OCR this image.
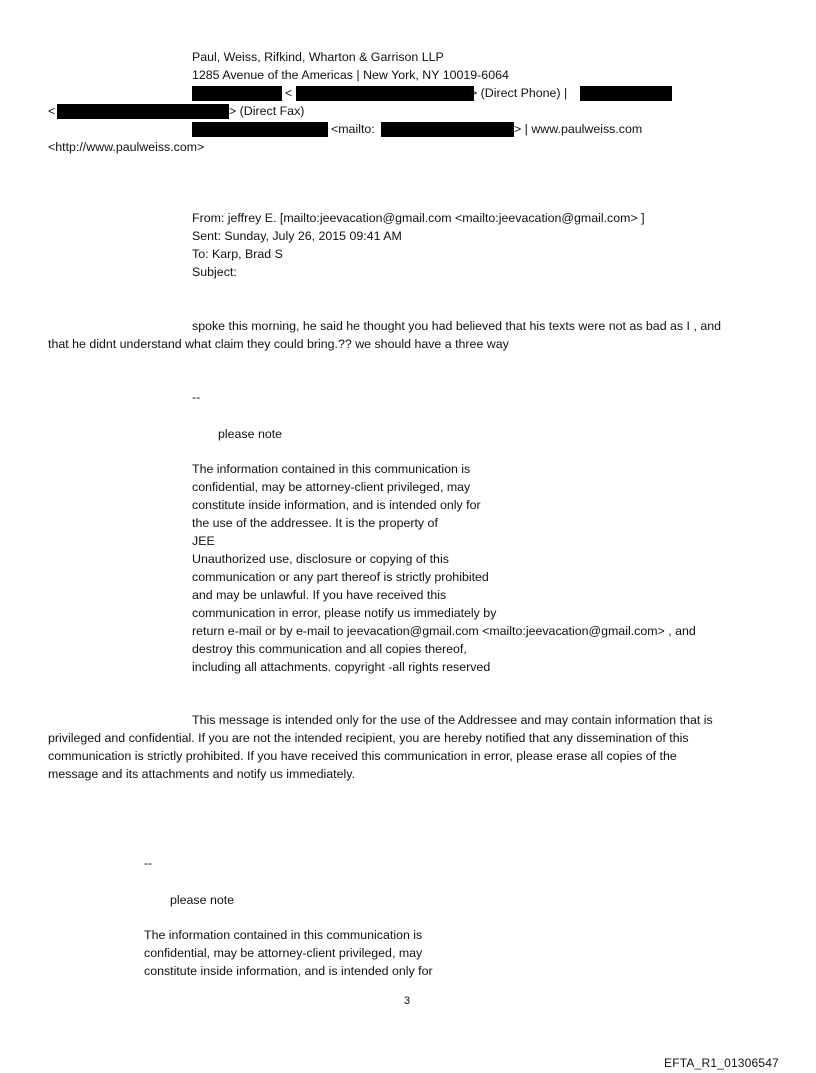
Paul, Weiss, Rifkind, Wharton & Garrison LLP
1285 Avenue of the Americas | New York, NY 10019-6064
<	> (Direct Phone) |
<	> (Direct Fax)
<mailto:	> | www.paulweiss.com
<http://www.paulweiss.com>
From: jeffrey E. [mailto:jeevacation@gmail.com <mailto:jeevacation@gmail.com> ]
Sent: Sunday, July 26, 2015 09:41 AM
To: Karp, Brad S
Subject:
spoke this morning, he said he thought you had believed that his texts were not as bad as I , and
that he didnt understand what claim they could bring.?? we should have a three way
--
please note
The information contained in this communication is
confidential, may be attorney-client privileged, may
constitute inside information, and is intended only for
the use of the addressee. It is the property of
JEE
Unauthorized use, disclosure or copying of this
communication or any part thereof is strictly prohibited
and may be unlawful. If you have received this
communication in error, please notify us immediately by
return e-mail or by e-mail to jeevacation@gmail.com <mailto:jeevacation@gmail.com> , and
destroy this communication and all copies thereof,
including all attachments. copyright -all rights reserved
This message is intended only for the use of the Addressee and may contain information that is
privileged and confidential. If you are not the intended recipient, you are hereby notified that any dissemination of this
communication is strictly prohibited. If you have received this communication in error, please erase all copies of the
message and its attachments and notify us immediately.
--
please note
The information contained in this communication is
confidential, may be attorney-client privileged, may
constitute inside information, and is intended only for
3
EFTA_R1_01306547
